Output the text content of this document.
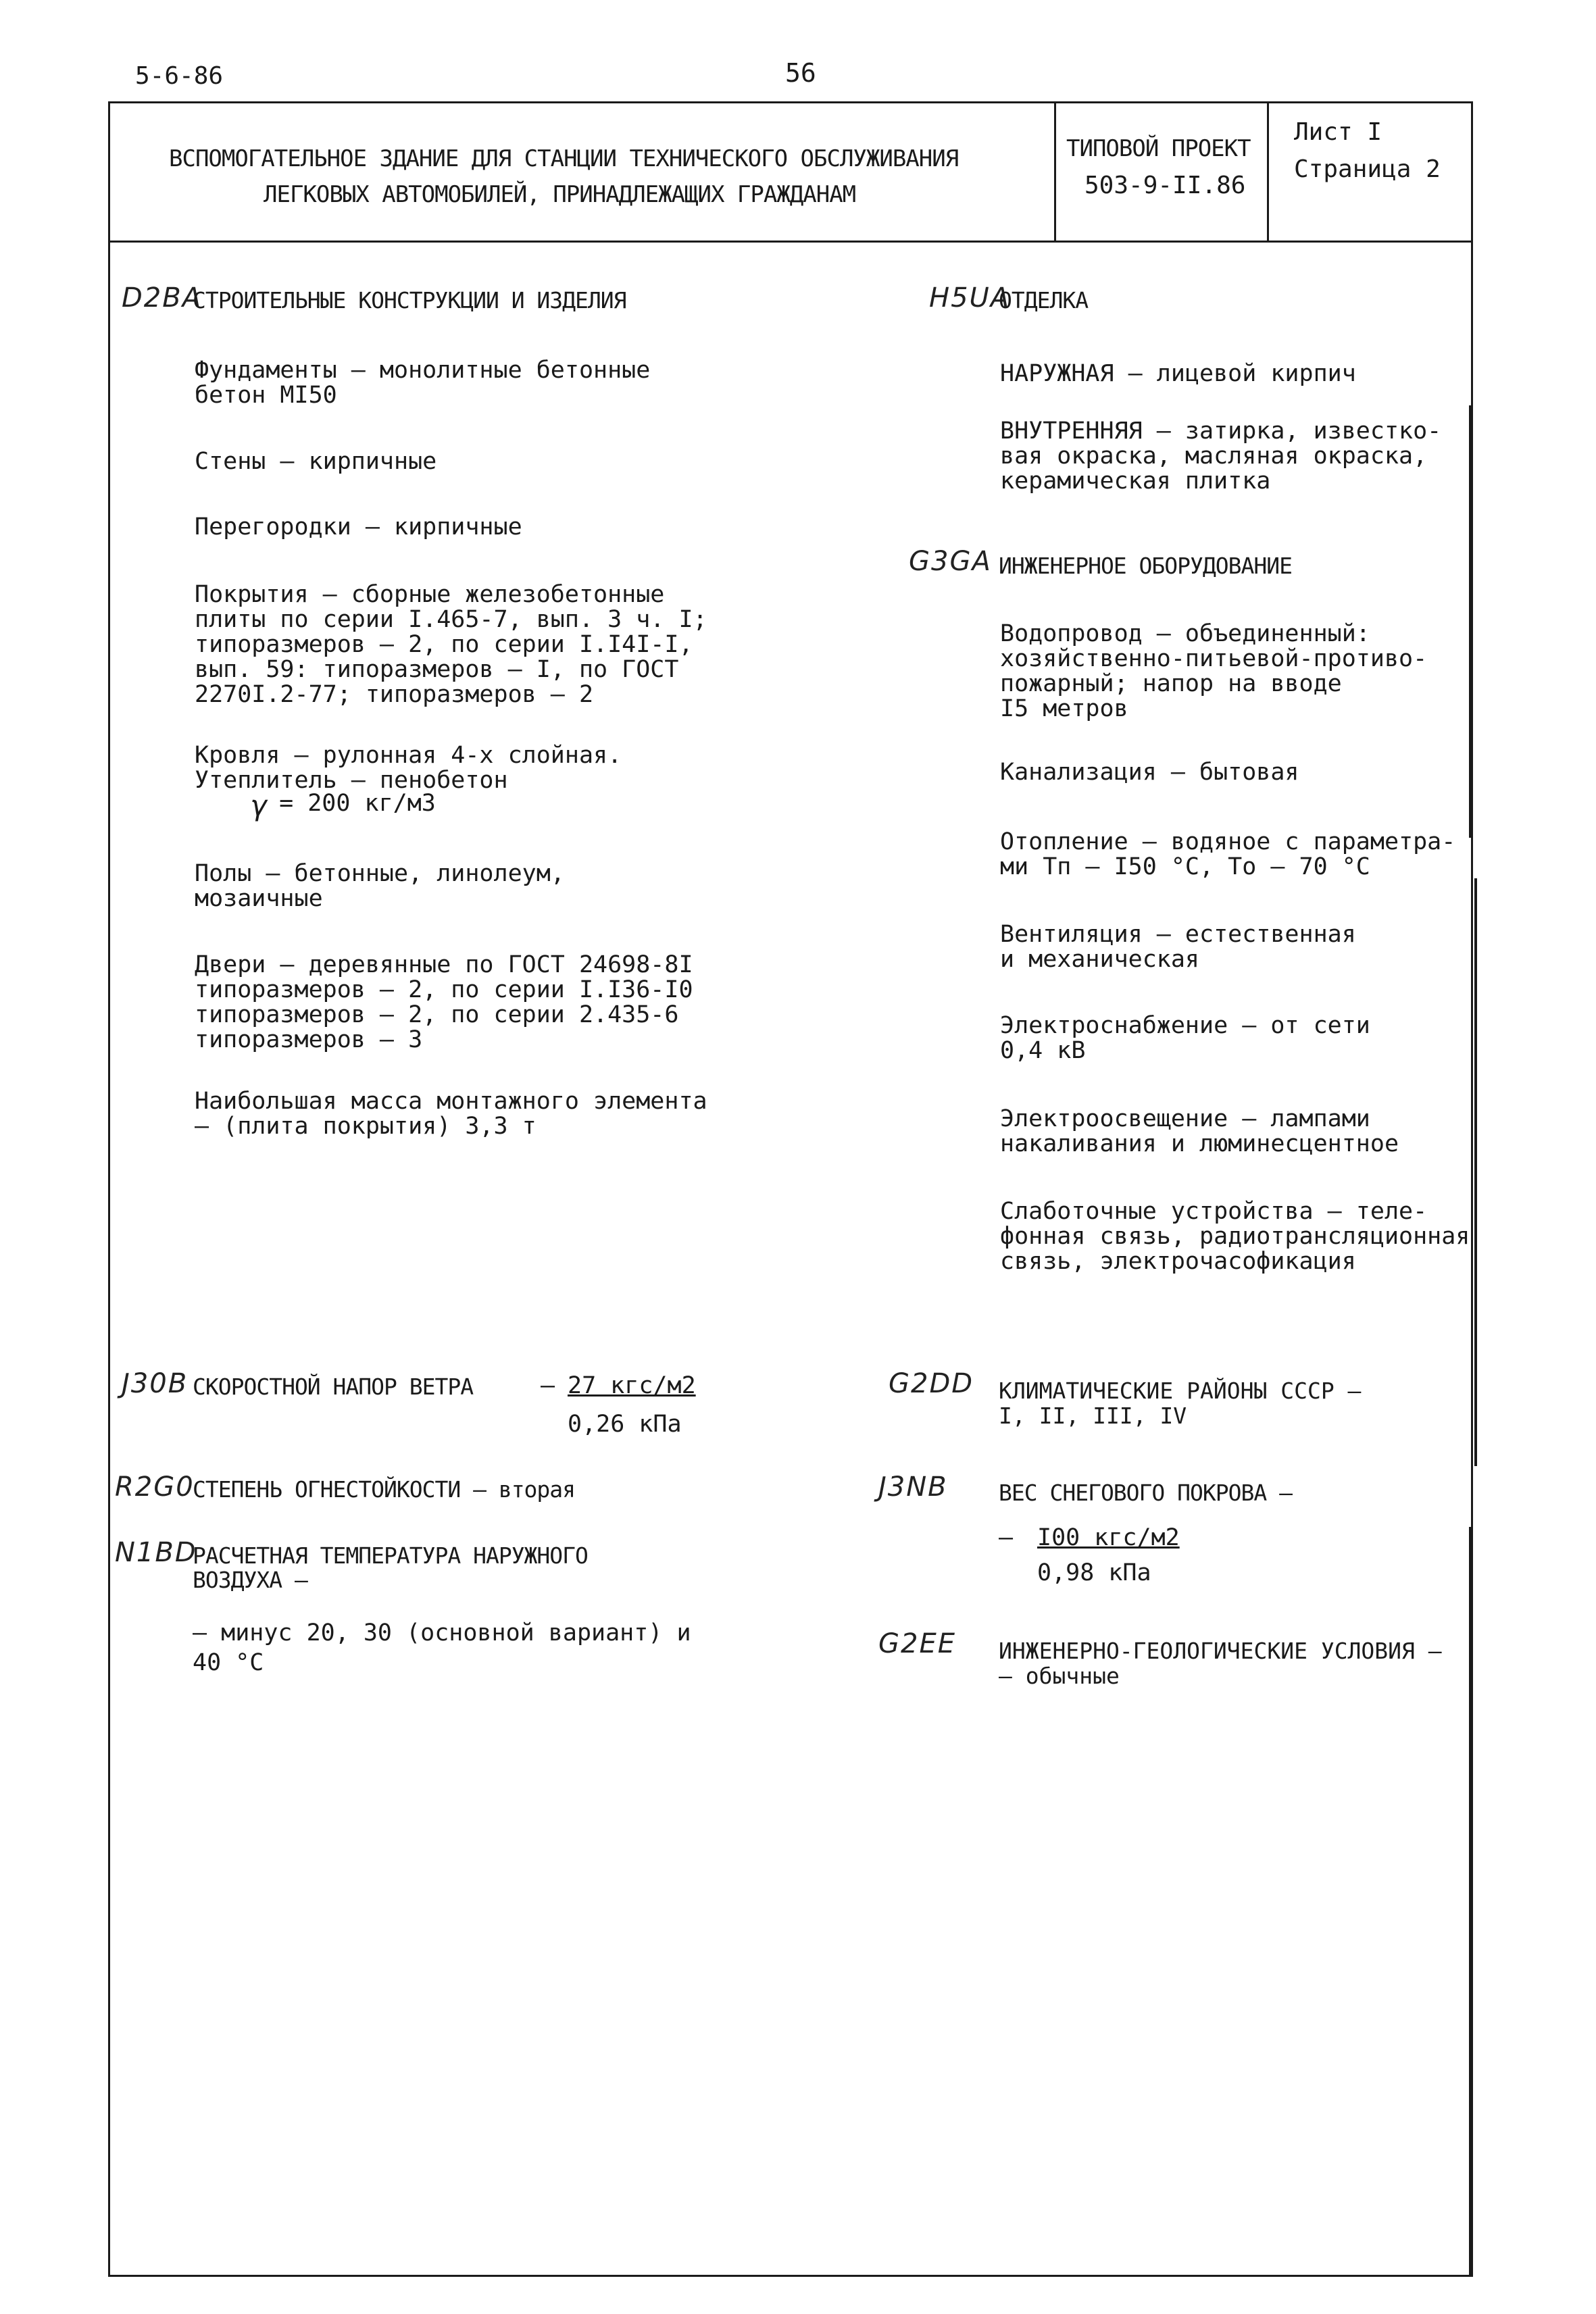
5-6-86	56
ВСПОМОГАТЕЛЬНОЕ ЗДАНИЕ ДЛЯ СТАНЦИИ ТЕХНИЧЕСКОГО ОБСЛУЖИВАНИЯ
ЛЕГКОВЫХ АВТОМОБИЛЕЙ, ПРИНАДЛЕЖАЩИХ ГРАЖДАНАМ
ТИПОВОЙ ПРОЕКТ
503-9-II.86
Лист I
Страница 2
D2BA
СТРОИТЕЛЬНЫЕ КОНСТРУКЦИИ И ИЗДЕЛИЯ
Фундаменты – монолитные бетонные
бетон МI50
Стены – кирпичные
Перегородки – кирпичные
Покрытия – сборные железобетонные
плиты по серии I.465-7, вып. 3 ч. I;
типоразмеров – 2, по серии I.I4I-I,
вып. 59: типоразмеров – I, по ГОСТ
2270I.2-77; типоразмеров – 2
Кровля – рулонная 4-х слойная.
Утеплитель – пенобетон
γ
= 200 кг/м3
Полы – бетонные, линолеум,
мозаичные
Двери – деревянные по ГОСТ 24698-8I
типоразмеров – 2, по серии I.I36-I0
типоразмеров – 2, по серии 2.435-6
типоразмеров – 3
Наибольшая масса монтажного элемента
– (плита покрытия) 3,3 т
J30B СКОРОСТНОЙ НАПОР ВЕТРА	– 27 кгс/м2
0,26 кПа
R2G0
СТЕПЕНЬ ОГНЕСТОЙКОСТИ – вторая
N1BD
РАСЧЕТНАЯ ТЕМПЕРАТУРА НАРУЖНОГО
ВОЗДУХА –
– минус 20, 30 (основной вариант) и
40 °С
H5UA
ОТДЕЛКА
НАРУЖНАЯ – лицевой кирпич
ВНУТРЕННЯЯ – затирка, известко-
вая окраска, масляная окраска,
керамическая плитка
G3GA ИНЖЕНЕРНОЕ ОБОРУДОВАНИЕ
Водопровод – объединенный:
хозяйственно-питьевой-противо-
пожарный; напор на вводе
I5 метров
Канализация – бытовая
Отопление – водяное с параметра-
ми Тп – I50 °С, То – 70 °С
Вентиляция – естественная
и механическая
Электроснабжение – от сети
0,4 кВ
Электроосвещение – лампами
накаливания и люминесцентное
Слаботочные устройства – теле-
фонная связь, радиотрансляционная
связь, электрочасофикация
G2DD КЛИМАТИЧЕСКИЕ РАЙОНЫ СССР –
I, II, III, IV
J3NB ВЕС СНЕГОВОГО ПОКРОВА –
– I00 кгс/м2
0,98 кПа
G2EE ИНЖЕНЕРНО-ГЕОЛОГИЧЕСКИЕ УСЛОВИЯ –
– обычные
